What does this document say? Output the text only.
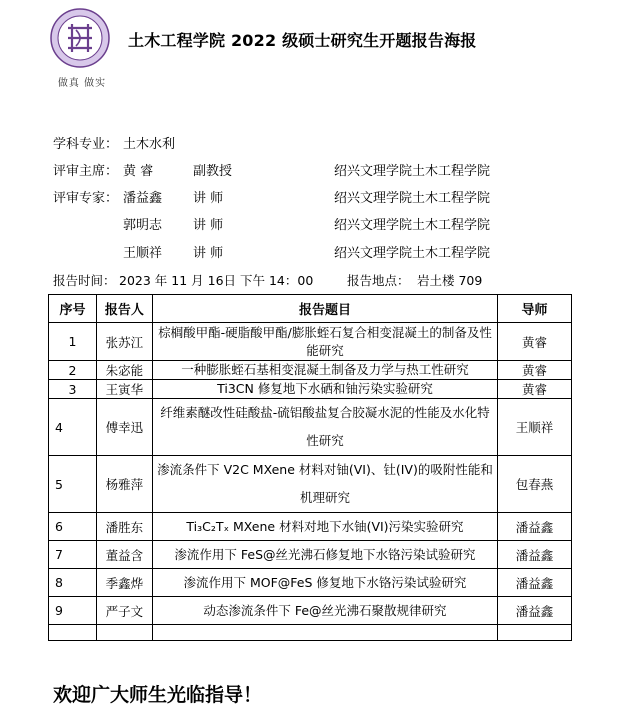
做真 做实
土木工程学院 2022 级硕士研究生开题报告海报
学科专业： 土木水利
评审主席： 黄 睿	副教授	绍兴文理学院土木工程学院
评审专家： 潘益鑫 讲 师	绍兴文理学院土木工程学院
郭明志 讲 师	绍兴文理学院土木工程学院
王顺祥 讲 师	绍兴文理学院土木工程学院
报告时间： 2023 年 11 月 16日 下午 14：00	报告地点： 岩土楼 709
序号	报告人	报告题目	导师
1	张苏江	棕榈酸甲酯-硬脂酸甲酯/膨胀蛭石复合相变混凝土的制备及性能研究	黄睿
2	朱宓能	一种膨胀蛭石基相变混凝土制备及力学与热工性研究	黄睿
3	王寅华	Ti3CN 修复地下水硒和铀污染实验研究	黄睿
4	傅幸迅	纤维素醚改性硅酸盐-硫铝酸盐复合胶凝水泥的性能及水化特性研究	王顺祥
5	杨雅萍	渗流条件下 V2C MXene 材料对铀(VI)、钍(IV)的吸附性能和机理研究	包春燕
6	潘胜东	Ti₃C₂Tₓ MXene 材料对地下水铀(VI)污染实验研究	潘益鑫
7	董益含	渗流作用下 FeS@丝光沸石修复地下水铬污染试验研究	潘益鑫
8	季鑫烨	渗流作用下 MOF@FeS 修复地下水铬污染试验研究	潘益鑫
9	严子文	动态渗流条件下 Fe@丝光沸石聚散规律研究	潘益鑫

欢迎广大师生光临指导！
